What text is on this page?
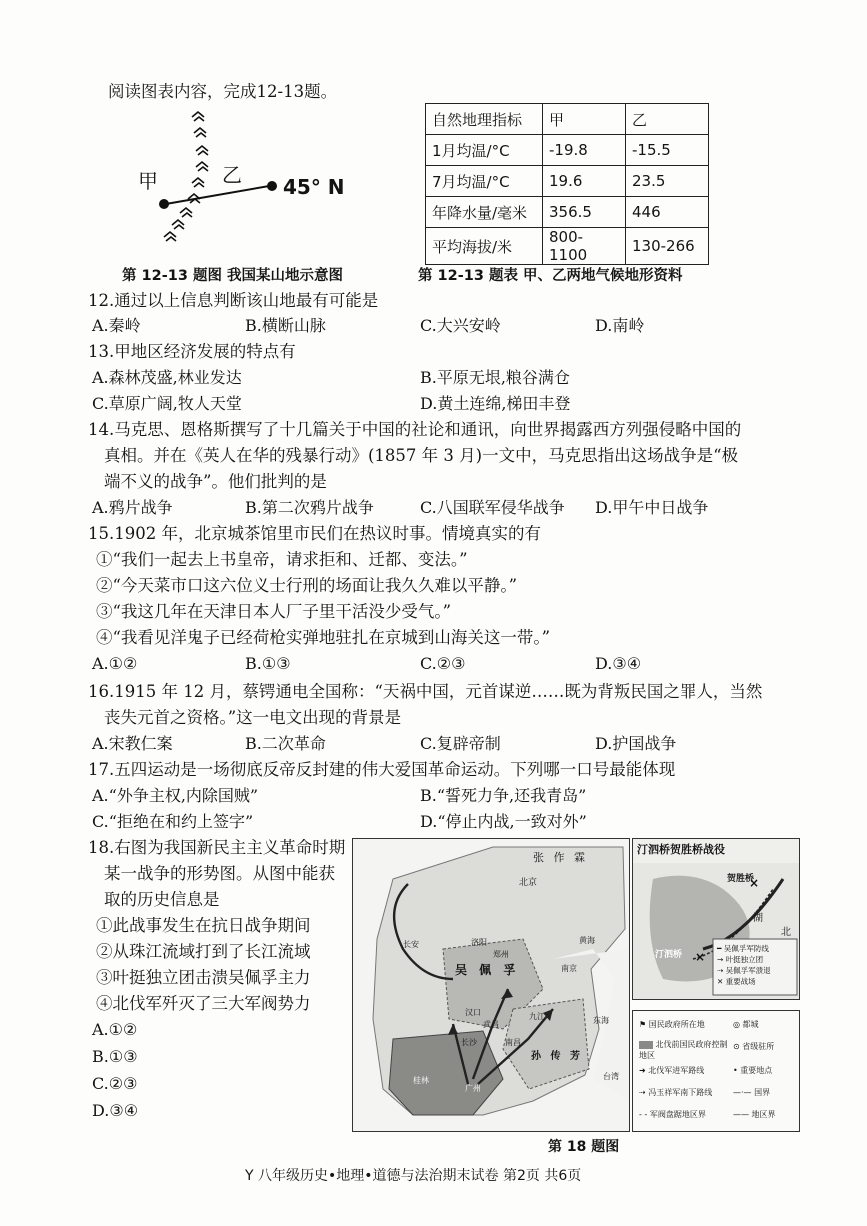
阅读图表内容，完成12-13题。
甲	乙 45° N
自然地理指标	甲	乙
1月均温/°C	-19.8	-15.5
7月均温/°C	19.6	23.5
年降水量/毫米	356.5	446
平均海拔/米	800-1100	130-266
第 12-13 题图 我国某山地示意图	第 12-13 题表 甲、乙两地气候地形资料
12.通过以上信息判断该山地最有可能是
A.秦岭	B.横断山脉	C.大兴安岭	D.南岭
13.甲地区经济发展的特点有
A.森林茂盛,林业发达	B.平原无垠,粮谷满仓
C.草原广阔,牧人天堂	D.黄土连绵,梯田丰登
14.马克思、恩格斯撰写了十几篇关于中国的社论和通讯，向世界揭露西方列强侵略中国的
真相。并在《英人在华的残暴行动》(1857 年 3 月)一文中，马克思指出这场战争是“极
端不义的战争”。他们批判的是
A.鸦片战争	B.第二次鸦片战争	C.八国联军侵华战争 D.甲午中日战争
15.1902 年，北京城茶馆里市民们在热议时事。情境真实的有
①“我们一起去上书皇帝，请求拒和、迁都、变法。”
②“今天菜市口这六位义士行刑的场面让我久久难以平静。”
③“我这几年在天津日本人厂子里干活没少受气。”
④“我看见洋鬼子已经荷枪实弹地驻扎在京城到山海关这一带。”
A.①②	B.①③	C.②③	D.③④
16.1915 年 12 月，蔡锷通电全国称：“天祸中国，元首谋逆……既为背叛民国之罪人，当然
丧失元首之资格。”这一电文出现的背景是
A.宋教仁案	B.二次革命	C.复辟帝制	D.护国战争
17.五四运动是一场彻底反帝反封建的伟大爱国革命运动。下列哪一口号最能体现
A.“外争主权,内除国贼”	B.“誓死力争,还我青岛”
C.“拒绝在和约上签字”	D.“停止内战,一致对外”
18.右图为我国新民主主义革命时期
某一战争的形势图。从图中能获
取的历史信息是
①此战事发生在抗日战争期间
②从珠江流域打到了长江流域
③叶挺独立团击溃吴佩孚主力
④北伐军歼灭了三大军阀势力
A.①②
B.①③
C.②③
D.③④
张 作 霖
北京
吴 佩 孚
长安	洛阳
南京
汉口
武昌
长沙	南昌
孙 传 芳
桂林
广州
黄海
东海
台湾
九江
郑州
汀泗桥贺胜桥战役
×
×
贺胜桥
汀泗桥
湖
北
━ 吴佩孚军防线
→ 叶挺独立团
⇢ 吴佩孚军溃退
✕ 重要战场
⚑ 国民政府所在地	◎ 都城
北伐前国民政府控制地区
⊙ 省级驻所
➜ 北伐军进军路线	• 重要地点
⇢ 冯玉祥军南下路线	—·— 国界
- - 军阀盘踞地区界	—— 地区界
第 18 题图
Y 八年级历史•地理•道德与法治期末试卷 第2页 共6页
